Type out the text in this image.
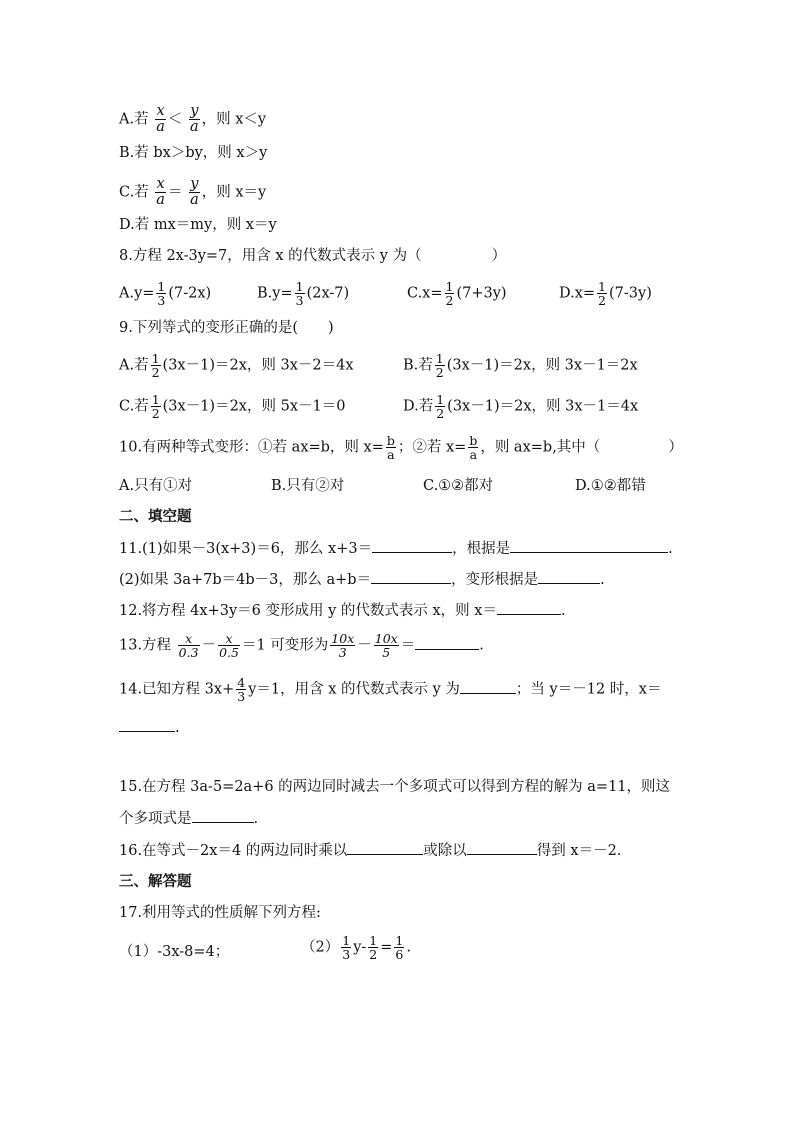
A.若 $\frac{x}{a} < \frac{y}{a}$ ，则 x＜y
B.若 bx＞by，则 x＞y
C.若 $\frac{x}{a} = \frac{y}{a}$ ，则 x＝y
D.若 mx＝my，则 x＝y
8.方程 2x-3y=7，用含 x 的代数式表示 y 为（	）
$A.y= \frac{1}{3} (7-2x)$	$B.y= \frac{1}{3} (2x-7)$	$C.x= \frac{1}{2} (7+3y)$	$D.x= \frac{1}{2} (7-3y)$
9.下列等式的变形正确的是( )
A.若 $\frac{1}{2} (3x-1)=2x$，则 3x－2＝4x	B.若 $\frac{1}{2} (3x-1)=2x$，则 3x－1＝2x
C.若 $\frac{1}{2} (3x-1)=2x$，则 5x－1＝0	D.若 $\frac{1}{2} (3x-1)=2x$，则 3x－1＝4x
10.有两种等式变形：①若 ax=b，则 $x= \frac{b}{a}$ ；②若 $x= \frac{b}{a}$ ，则 ax=b,其中（	）
A.只有①对	B.只有②对	C.①②都对	D.①②都错
二、填空题
11.(1)如果－3(x+3)＝6，那么 x+3＝	，根据是	.
(2)如果 3a+7b＝4b－3，那么 a+b＝	，变形根据是	.
12.将方程 4x+3y＝6 变形成用 y 的代数式表示 x，则 x＝	.
13.方程 $\frac{x}{0.3} - \frac{x}{0.5} =1$ 可变形为 $\frac{10x}{3} - \frac{10x}{5}$ ＝	.
14.已知方程 $3x+ \frac{4}{3} y=1$，用含 x 的代数式表示 y 为	；当 y＝－12 时，x＝
.
15.在方程 3a-5=2a+6 的两边同时减去一个多项式可以得到方程的解为 a=11，则这
个多项式是	.
16.在等式－2x＝4 的两边同时乘以	或除以	得到 x＝－2.
三、解答题
17.利用等式的性质解下列方程:
（1）-3x-8=4；	$(2) \frac{1}{3} y- \frac{1}{2} = \frac{1}{6}$ .
